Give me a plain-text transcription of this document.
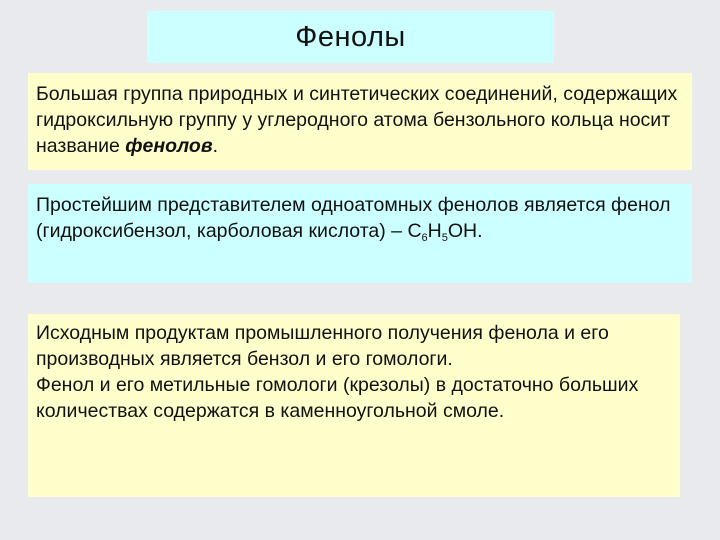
Фенолы

Большая группа природных и синтетических соединений, содержащих гидроксильную группу у углеродного атома бензольного кольца носит название фенолов.

Простейшим представителем одноатомных фенолов является фенол (гидроксибензол, карболовая кислота) – $C_6H_5OH$.

Исходным продуктам промышленного получения фенола и его производных является бензол и его гомологи.

Фенол и его метильные гомологи (крезолы) в достаточно больших количествах содержатся в каменноугольной смоле.
